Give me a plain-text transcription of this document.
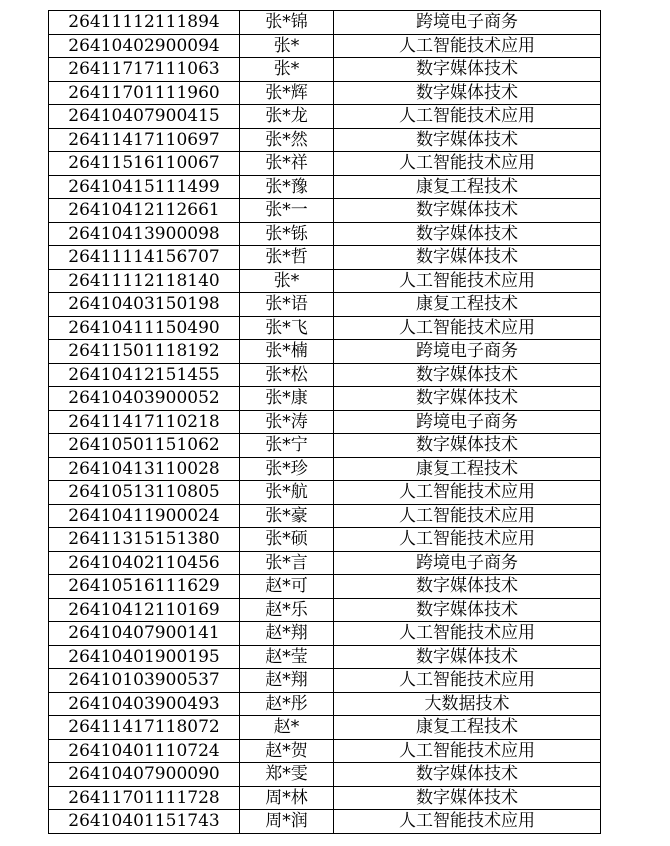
26411112111894	张*锦	跨境电子商务
26410402900094	张*	人工智能技术应用
26411717111063	张*	数字媒体技术
26411701111960	张*辉	数字媒体技术
26410407900415	张*龙	人工智能技术应用
26411417110697	张*然	数字媒体技术
26411516110067	张*祥	人工智能技术应用
26410415111499	张*豫	康复工程技术
26410412112661	张*一	数字媒体技术
26410413900098	张*铄	数字媒体技术
26411114156707	张*哲	数字媒体技术
26411112118140	张*	人工智能技术应用
26410403150198	张*语	康复工程技术
26410411150490	张*飞	人工智能技术应用
26411501118192	张*楠	跨境电子商务
26410412151455	张*松	数字媒体技术
26410403900052	张*康	数字媒体技术
26411417110218	张*涛	跨境电子商务
26410501151062	张*宁	数字媒体技术
26410413110028	张*珍	康复工程技术
26410513110805	张*航	人工智能技术应用
26410411900024	张*豪	人工智能技术应用
26411315151380	张*硕	人工智能技术应用
26410402110456	张*言	跨境电子商务
26410516111629	赵*可	数字媒体技术
26410412110169	赵*乐	数字媒体技术
26410407900141	赵*翔	人工智能技术应用
26410401900195	赵*莹	数字媒体技术
26410103900537	赵*翔	人工智能技术应用
26410403900493	赵*彤	大数据技术
26411417118072	赵*	康复工程技术
26410401110724	赵*贺	人工智能技术应用
26410407900090	郑*雯	数字媒体技术
26411701111728	周*林	数字媒体技术
26410401151743	周*润	人工智能技术应用
